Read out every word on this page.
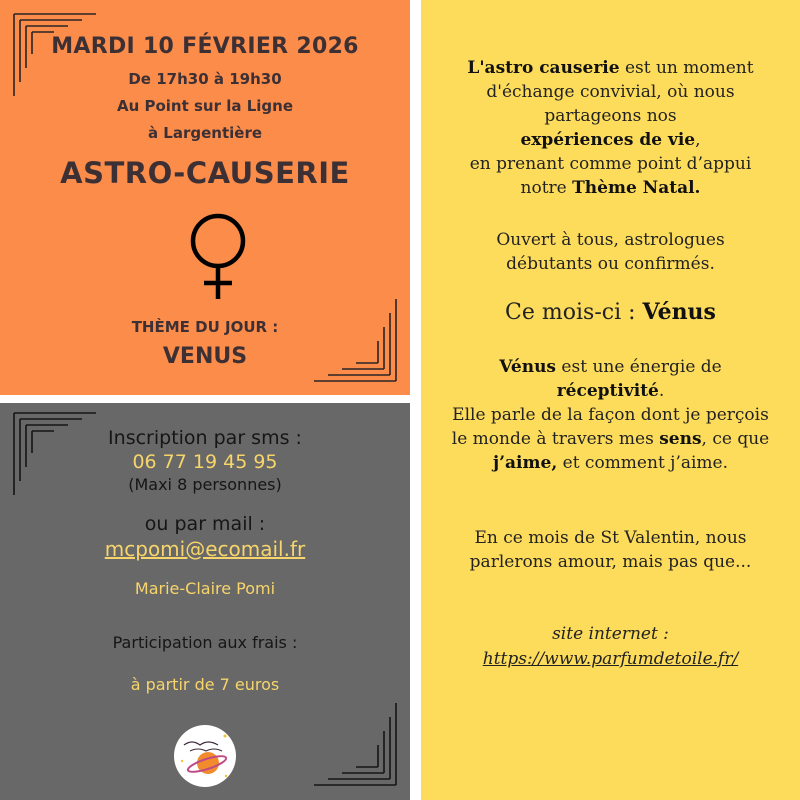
MARDI 10 FÉVRIER 2026
De 17h30 à 19h30
Au Point sur la Ligne
à Largentière
ASTRO-CAUSERIE
THÈME DU JOUR :
VENUS
Inscription par sms :
06 77 19 45 95
(Maxi 8 personnes)
ou par mail :
mcpomi@ecomail.fr
Marie-Claire Pomi
Participation aux frais :
à partir de 7 euros
L'astro causerie est un moment
d'échange convivial, où nous
partageons nos
expériences de vie,
en prenant comme point d’appui
notre Thème Natal.
Ouvert à tous, astrologues
débutants ou confirmés.
Ce mois-ci : Vénus
Vénus est une énergie de
réceptivité.
Elle parle de la façon dont je perçois
le monde à travers mes sens, ce que
j’aime, et comment j’aime.
En ce mois de St Valentin, nous
parlerons amour, mais pas que...
site internet :
https://www.parfumdetoile.fr/
